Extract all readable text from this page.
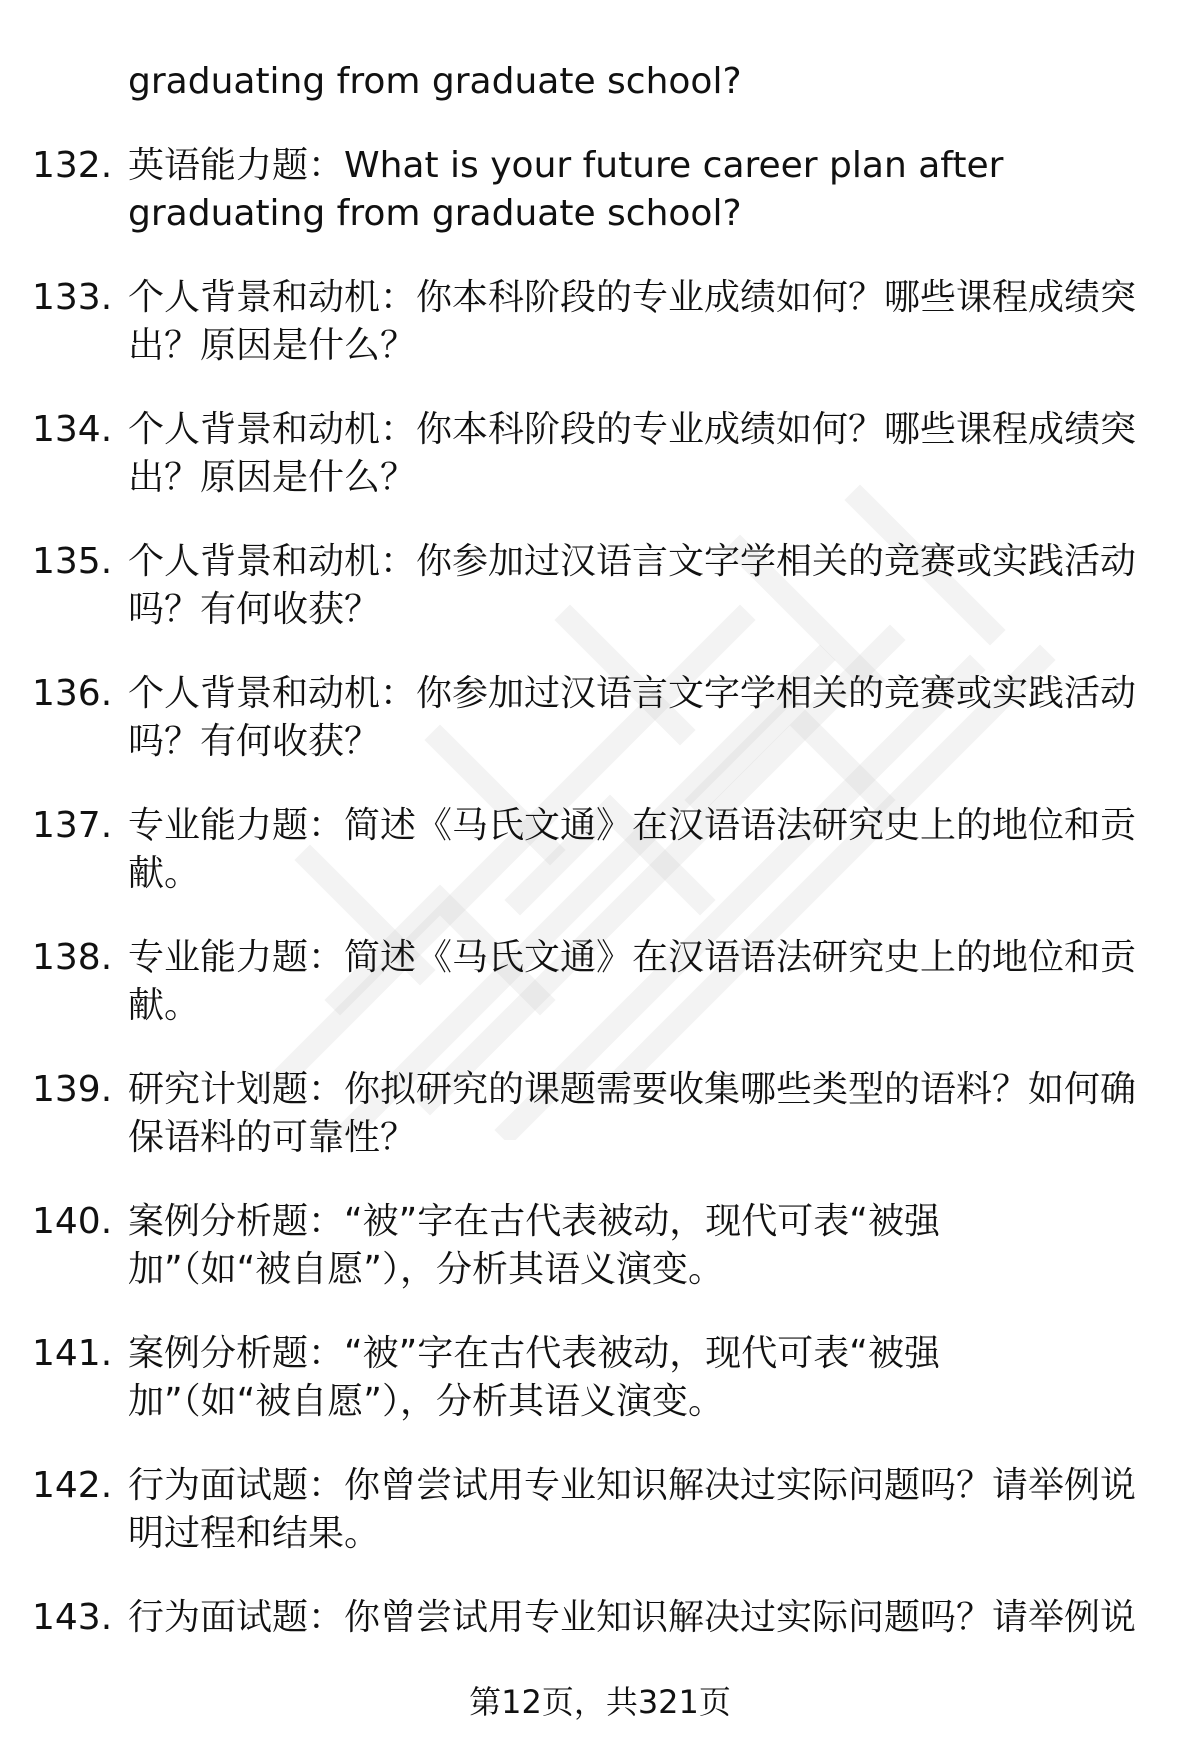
graduating from graduate school?
132. 英语能力题：What is your future career plan after
graduating from graduate school?
133. 个人背景和动机：你本科阶段的专业成绩如何？哪些课程成绩突
出？原因是什么？
134. 个人背景和动机：你本科阶段的专业成绩如何？哪些课程成绩突
出？原因是什么？
135. 个人背景和动机：你参加过汉语言文字学相关的竞赛或实践活动
吗？有何收获？
136. 个人背景和动机：你参加过汉语言文字学相关的竞赛或实践活动
吗？有何收获？
137. 专业能力题：简述《马氏文通》在汉语语法研究史上的地位和贡
献。
138. 专业能力题：简述《马氏文通》在汉语语法研究史上的地位和贡
献。
139. 研究计划题：你拟研究的课题需要收集哪些类型的语料？如何确
保语料的可靠性？
140. 案例分析题：“被”字在古代表被动，现代可表“被强
加”（如“被自愿”），分析其语义演变。
141. 案例分析题：“被”字在古代表被动，现代可表“被强
加”（如“被自愿”），分析其语义演变。
142. 行为面试题：你曾尝试用专业知识解决过实际问题吗？请举例说
明过程和结果。
143. 行为面试题：你曾尝试用专业知识解决过实际问题吗？请举例说
第12页，共321页
